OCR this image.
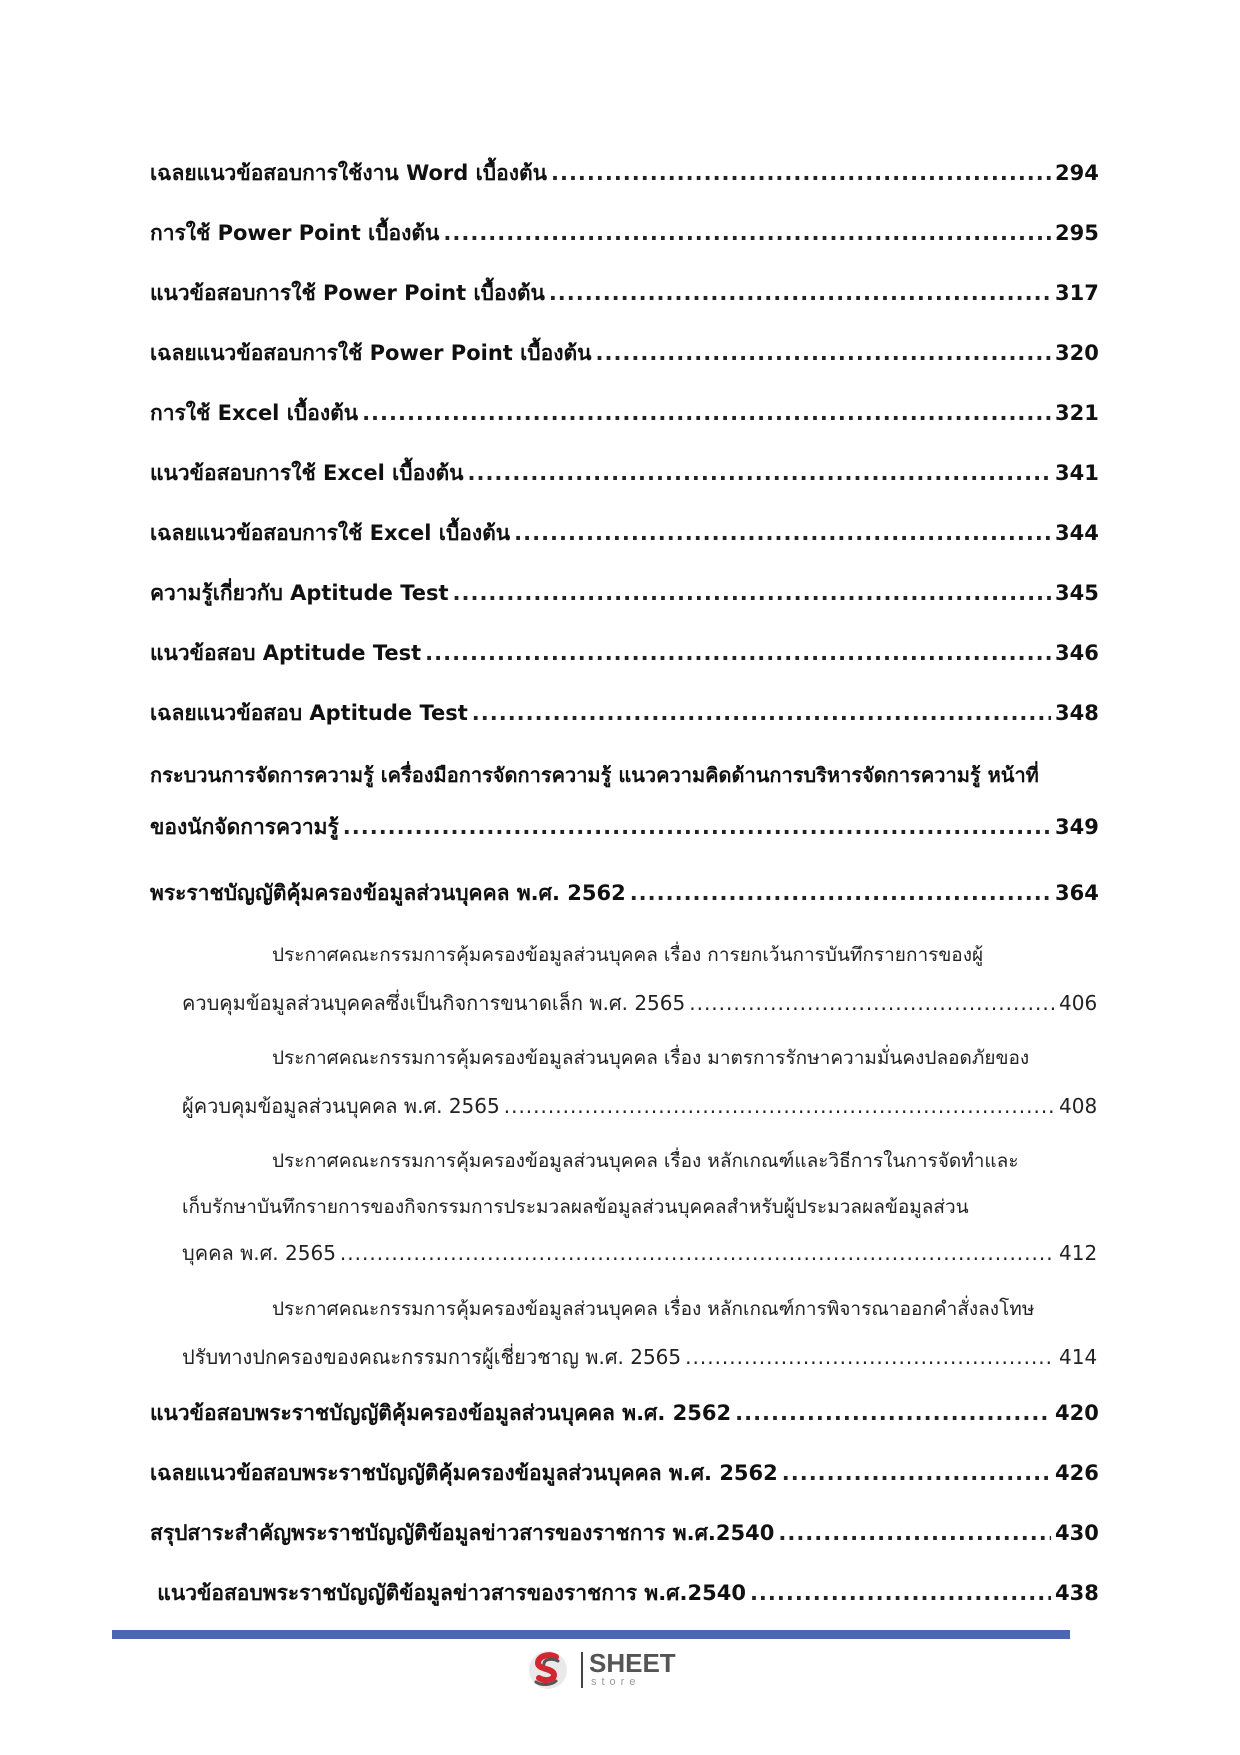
เฉลยแนวข้อสอบการใช้งาน Word เบื้องต้น .....	294
การใช้ Power Point เบื้องต้น .....	295
แนวข้อสอบการใช้ Power Point เบื้องต้น .....	317
เฉลยแนวข้อสอบการใช้ Power Point เบื้องต้น .....	320
การใช้ Excel เบื้องต้น .....	321
แนวข้อสอบการใช้ Excel เบื้องต้น .....	341
เฉลยแนวข้อสอบการใช้ Excel เบื้องต้น .....	344
ความรู้เกี่ยวกับ Aptitude Test .....	345
แนวข้อสอบ Aptitude Test .....	346
เฉลยแนวข้อสอบ Aptitude Test .....	348
กระบวนการจัดการความรู้ เครื่องมือการจัดการความรู้ แนวความคิดด้านการบริหารจัดการความรู้ หน้าที่
ของนักจัดการความรู้ .....	349
พระราชบัญญัติคุ้มครองข้อมูลส่วนบุคคล พ.ศ. 2562 .....	364
ประกาศคณะกรรมการคุ้มครองข้อมูลส่วนบุคคล เรื่อง การยกเว้นการบันทึกรายการของผู้
ควบคุมข้อมูลส่วนบุคคลซึ่งเป็นกิจการขนาดเล็ก พ.ศ. 2565 .....	406
ประกาศคณะกรรมการคุ้มครองข้อมูลส่วนบุคคล เรื่อง มาตรการรักษาความมั่นคงปลอดภัยของ
ผู้ควบคุมข้อมูลส่วนบุคคล พ.ศ. 2565 .....	408
ประกาศคณะกรรมการคุ้มครองข้อมูลส่วนบุคคล เรื่อง หลักเกณฑ์และวิธีการในการจัดทำและ
เก็บรักษาบันทึกรายการของกิจกรรมการประมวลผลข้อมูลส่วนบุคคลสำหรับผู้ประมวลผลข้อมูลส่วน
บุคคล พ.ศ. 2565 .....	412
ประกาศคณะกรรมการคุ้มครองข้อมูลส่วนบุคคล เรื่อง หลักเกณฑ์การพิจารณาออกคำสั่งลงโทษ
ปรับทางปกครองของคณะกรรมการผู้เชี่ยวชาญ พ.ศ. 2565 .....	414
แนวข้อสอบพระราชบัญญัติคุ้มครองข้อมูลส่วนบุคคล พ.ศ. 2562 .....	420
เฉลยแนวข้อสอบพระราชบัญญัติคุ้มครองข้อมูลส่วนบุคคล พ.ศ. 2562 .....	426
สรุปสาระสำคัญพระราชบัญญัติข้อมูลข่าวสารของราชการ พ.ศ.2540 .....	430
แนวข้อสอบพระราชบัญญัติข้อมูลข่าวสารของราชการ พ.ศ.2540 .....	438
SHEET
store
